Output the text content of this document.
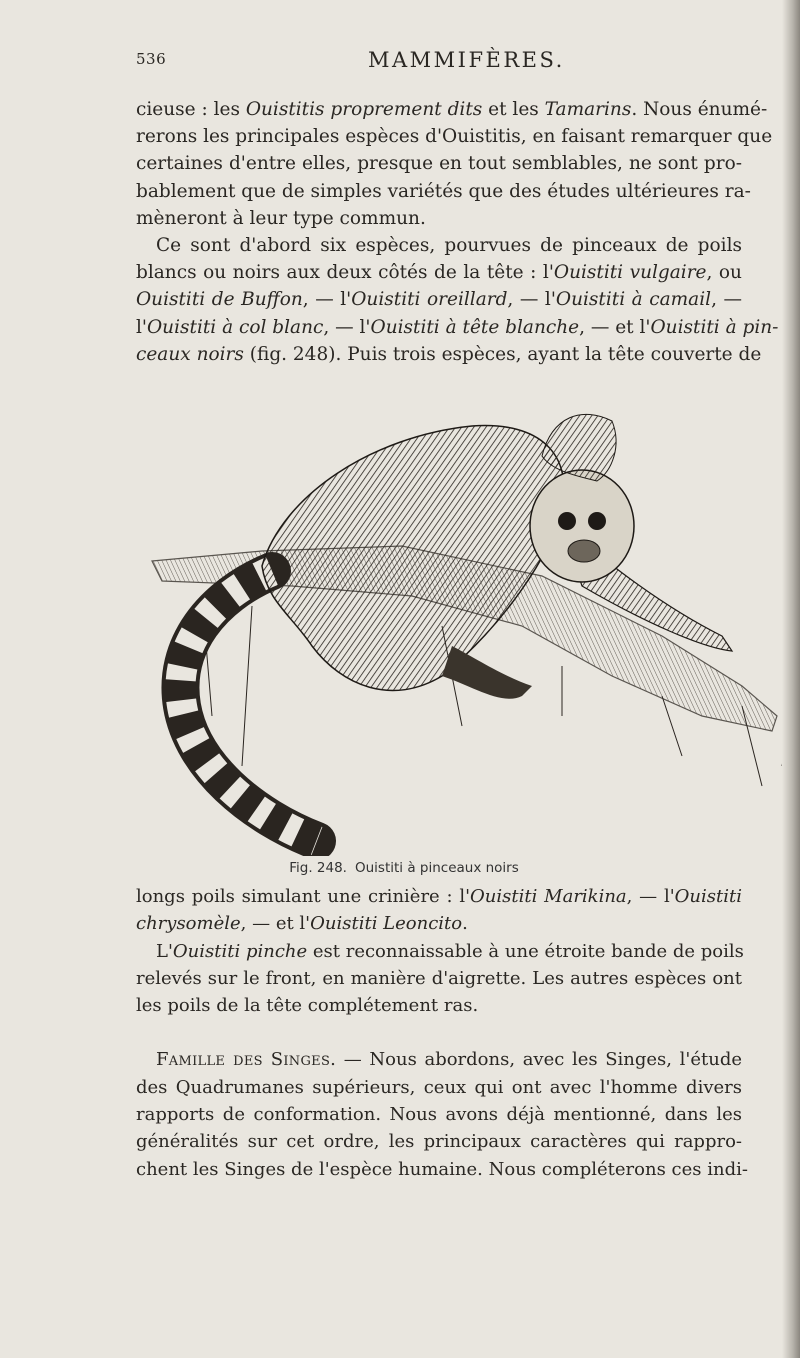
536	MAMMIFÈRES.
cieuse : les Ouistitis proprement dits et les Tamarins. Nous énumé-
rerons les principales espèces d'Ouistitis, en faisant remarquer que
certaines d'entre elles, presque en tout semblables, ne sont pro-
bablement que de simples variétés que des études ultérieures ra-
mèneront à leur type commun.
Ce sont d'abord six espèces, pourvues de pinceaux de poils
blancs ou noirs aux deux côtés de la tête : l'Ouistiti vulgaire, ou
Ouistiti de Buffon, — l'Ouistiti oreillard, — l'Ouistiti à camail, —
l'Ouistiti à col blanc, — l'Ouistiti à tête blanche, — et l'Ouistiti à pin-
ceaux noirs (fig. 248). Puis trois espèces, ayant la tête couverte de
Fig. 248. Ouistiti à pinceaux noirs
longs poils simulant une crinière : l'Ouistiti Marikina, — l'Ouistiti
chrysomèle, — et l'Ouistiti Leoncito.
L'Ouistiti pinche est reconnaissable à une étroite bande de poils
relevés sur le front, en manière d'aigrette. Les autres espèces ont
les poils de la tête complétement ras.
Famille des Singes. — Nous abordons, avec les Singes, l'étude
des Quadrumanes supérieurs, ceux qui ont avec l'homme divers
rapports de conformation. Nous avons déjà mentionné, dans les
généralités sur cet ordre, les principaux caractères qui rappro-
chent les Singes de l'espèce humaine. Nous compléterons ces indi-
